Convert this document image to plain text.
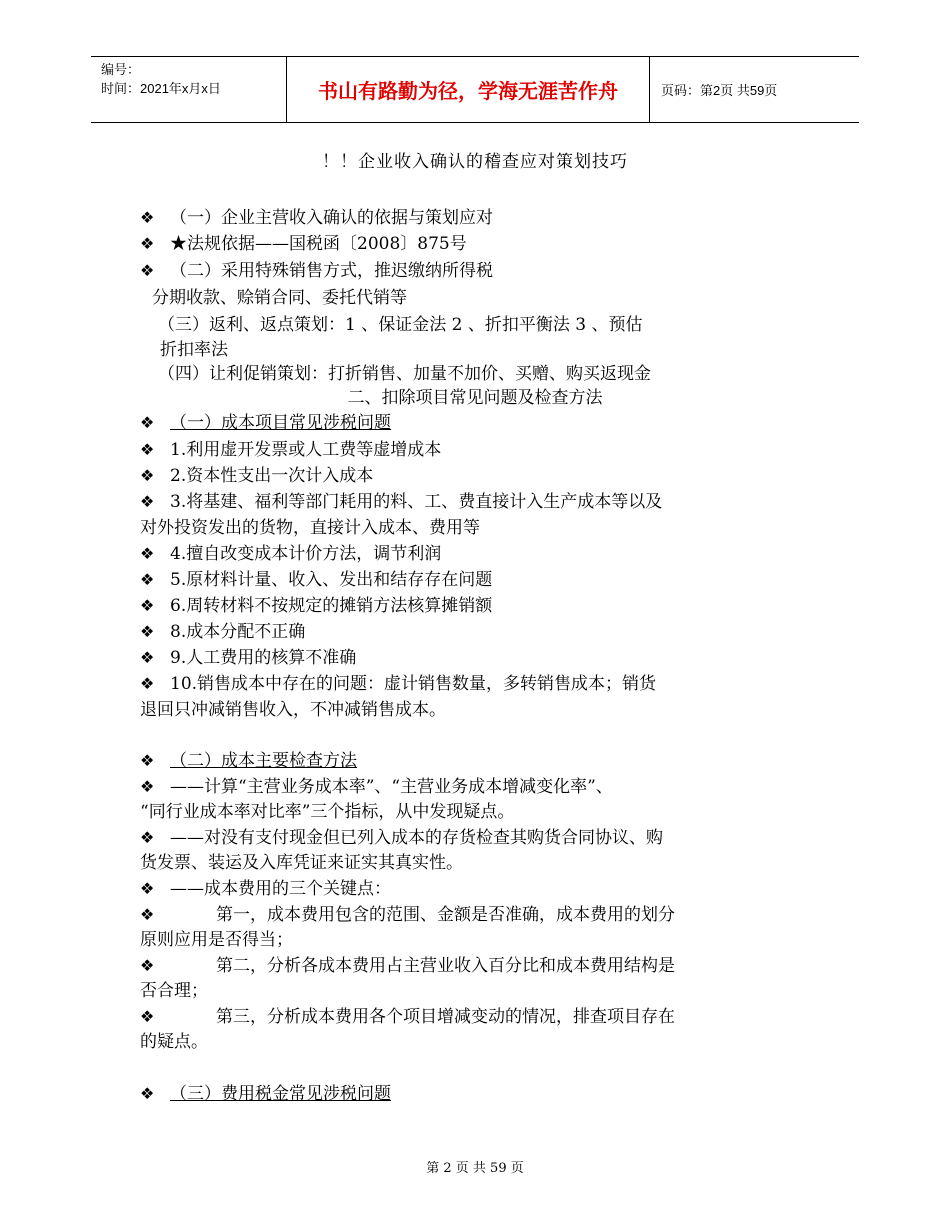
编号：
时间：2021年x月x日	书山有路勤为径，学海无涯苦作舟	页码：第2页 共59页
！！企业收入确认的稽查应对策划技巧
❖ （一）企业主营收入确认的依据与策划应对
❖ ★法规依据——国税函〔2008〕875号
❖ （二）采用特殊销售方式，推迟缴纳所得税
分期收款、赊销合同、委托代销等
（三）返利、返点策划：1 、保证金法 2 、折扣平衡法 3 、预估
折扣率法
（四）让利促销策划：打折销售、加量不加价、买赠、购买返现金
二、扣除项目常见问题及检查方法
❖ （一）成本项目常见涉税问题
❖ 1.利用虚开发票或人工费等虚增成本
❖ 2.资本性支出一次计入成本
❖ 3.将基建、福利等部门耗用的料、工、费直接计入生产成本等以及
对外投资发出的货物，直接计入成本、费用等
❖ 4.擅自改变成本计价方法，调节利润
❖ 5.原材料计量、收入、发出和结存存在问题
❖ 6.周转材料不按规定的摊销方法核算摊销额
❖ 8.成本分配不正确
❖ 9.人工费用的核算不准确
❖ 10.销售成本中存在的问题：虚计销售数量，多转销售成本；销货
退回只冲减销售收入，不冲减销售成本。
❖ （二）成本主要检查方法
❖ ——计算“主营业务成本率”、“主营业务成本增减变化率”、
“同行业成本率对比率”三个指标，从中发现疑点。
❖ ——对没有支付现金但已列入成本的存货检查其购货合同协议、购
货发票、装运及入库凭证来证实其真实性。
❖ ——成本费用的三个关键点：
❖	第一，成本费用包含的范围、金额是否准确，成本费用的划分
原则应用是否得当；
❖	第二，分析各成本费用占主营业收入百分比和成本费用结构是
否合理；
❖	第三，分析成本费用各个项目增减变动的情况，排查项目存在
的疑点。
❖ （三）费用税金常见涉税问题
第 2 页 共 59 页
